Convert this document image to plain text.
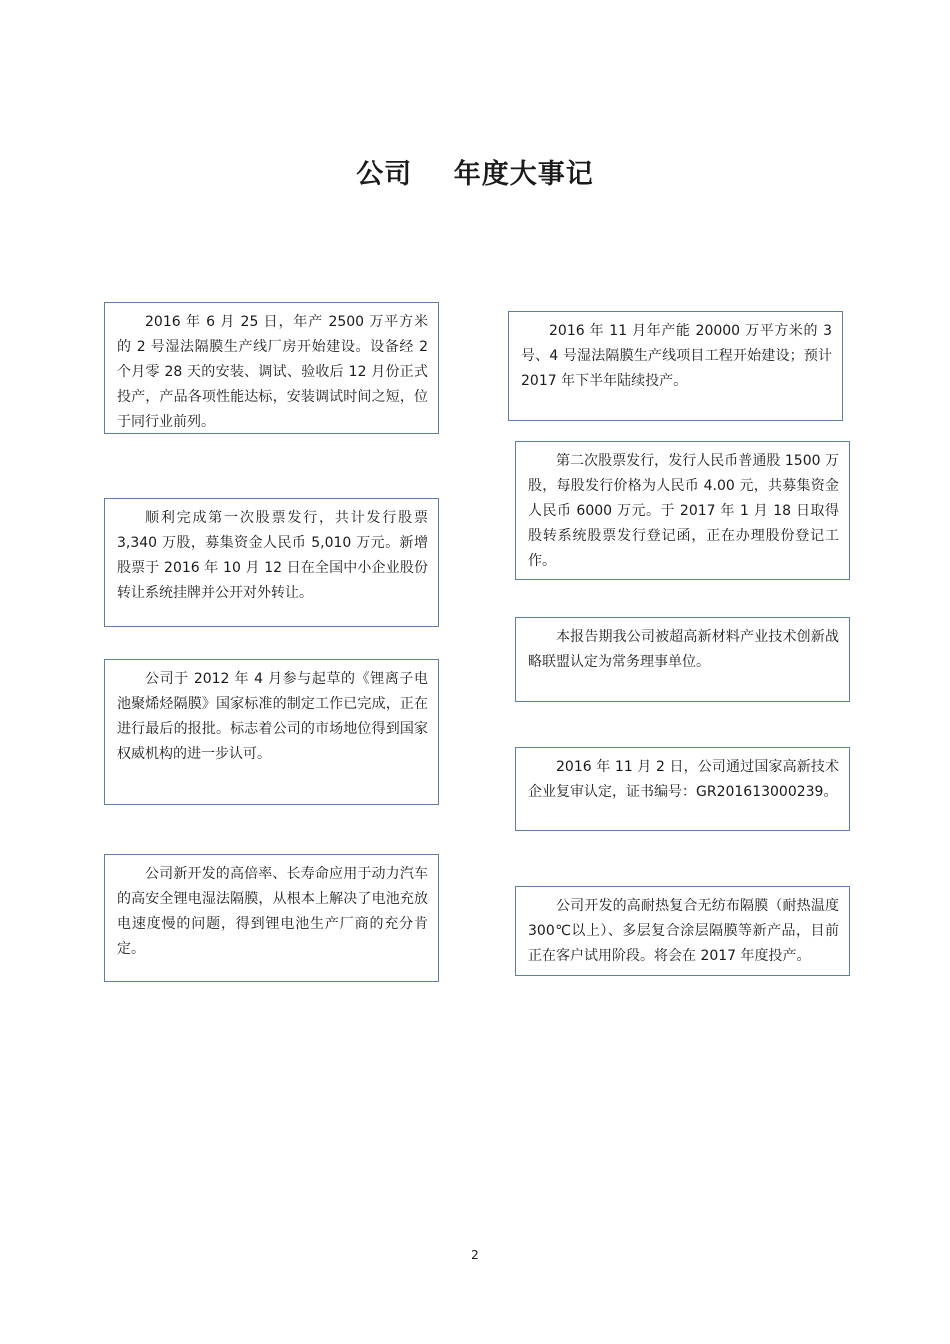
公司    年度大事记
2016 年 6 月 25 日，年产 2500 万平方米的 2 号湿法隔膜生产线厂房开始建设。设备经 2 个月零 28 天的安装、调试、验收后 12 月份正式投产，产品各项性能达标，安装调试时间之短，位于同行业前列。
顺利完成第一次股票发行，共计发行股票 3,340 万股，募集资金人民币 5,010 万元。新增股票于 2016 年 10 月 12 日在全国中小企业股份转让系统挂牌并公开对外转让。
公司于 2012 年 4 月参与起草的《锂离子电池聚烯烃隔膜》国家标准的制定工作已完成，正在进行最后的报批。标志着公司的市场地位得到国家权威机构的进一步认可。
公司新开发的高倍率、长寿命应用于动力汽车的高安全锂电湿法隔膜，从根本上解决了电池充放电速度慢的问题，得到锂电池生产厂商的充分肯定。
2016 年 11 月年产能 20000 万平方米的 3 号、4 号湿法隔膜生产线项目工程开始建设；预计 2017 年下半年陆续投产。
第二次股票发行，发行人民币普通股 1500 万股，每股发行价格为人民币 4.00 元，共募集资金人民币 6000 万元。于 2017 年 1 月 18 日取得股转系统股票发行登记函，正在办理股份登记工作。
本报告期我公司被超高新材料产业技术创新战略联盟认定为常务理事单位。
2016 年 11 月 2 日，公司通过国家高新技术企业复审认定，证书编号：GR201613000239。
公司开发的高耐热复合无纺布隔膜（耐热温度 300℃以上）、多层复合涂层隔膜等新产品，目前正在客户试用阶段。将会在 2017 年度投产。
2
